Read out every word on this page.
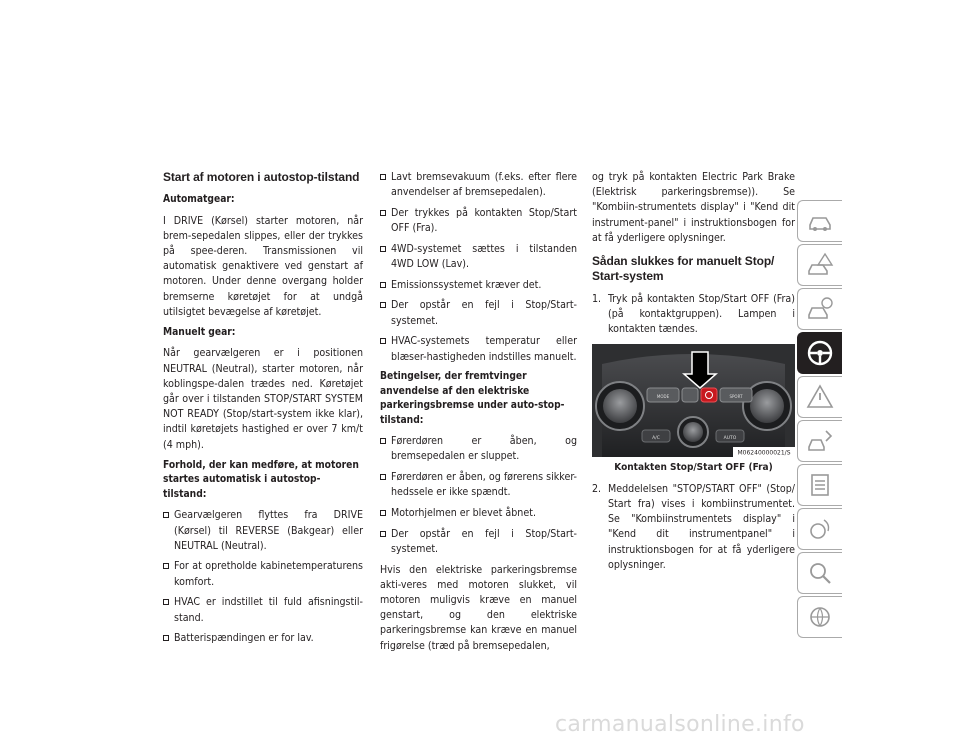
Start af motoren i autostop-tilstand
Automatgear:

I DRIVE (Kørsel) starter motoren, når brem-sepedalen slippes, eller der trykkes på spee-deren. Transmissionen vil automatisk genaktivere ved genstart af motoren. Under denne overgang holder bremserne køretøjet for at undgå utilsigtet bevægelse af køretøjet.

Manuelt gear:

Når gearvælgeren er i positionen NEUTRAL (Neutral), starter motoren, når koblingspe-dalen trædes ned. Køretøjet går over i tilstanden STOP/START SYSTEM NOT READY (Stop/start-system ikke klar), indtil køretøjets hastighed er over 7 km/t (4 mph).

Forhold, der kan medføre, at motoren startes automatisk i autostop-tilstand:
Gearvælgeren flyttes fra DRIVE (Kørsel) til REVERSE (Bakgear) eller NEUTRAL (Neutral).
For at opretholde kabinetemperaturens komfort.
HVAC er indstillet til fuld afisningstil-stand.
Batterispændingen er for lav.
Lavt bremsevakuum (f.eks. efter flere anvendelser af bremsepedalen).
Der trykkes på kontakten Stop/Start OFF (Fra).
4WD-systemet sættes i tilstanden 4WD LOW (Lav).
Emissionssystemet kræver det.
Der opstår en fejl i Stop/Start-systemet.
HVAC-systemets temperatur eller blæser-hastigheden indstilles manuelt.
Betingelser, der fremtvinger anvendelse af den elektriske parkeringsbremse under auto-stop-tilstand:
Førerdøren er åben, og bremsepedalen er sluppet.
Førerdøren er åben, og førerens sikker-hedssele er ikke spændt.
Motorhjelmen er blevet åbnet.
Der opstår en fejl i Stop/Start-systemet.

Hvis den elektriske parkeringsbremse akti-veres med motoren slukket, vil motoren muligvis kræve en manuel genstart, og den elektriske parkeringsbremse kan kræve en manuel frigørelse (træd på bremsepedalen,

og tryk på kontakten Electric Park Brake (Elektrisk parkeringsbremse)). Se "Kombiin-strumentets display" i "Kend dit instrument-panel" i instruktionsbogen for at få yderligere oplysninger.

Sådan slukkes for manuelt Stop/ Start-system
1. Tryk på kontakten Stop/Start OFF (Fra) (på kontaktgruppen). Lampen i kontakten tændes.
MODE	SPORT
A/C	AUTO
M06240000021/S
Kontakten Stop/Start OFF (Fra)
2. Meddelelsen "STOP/START OFF" (Stop/ Start fra) vises i kombiinstrumentet. Se "Kombiinstrumentets display" i "Kend dit instrumentpanel" i instruktionsbogen for at få yderligere oplysninger.
carmanualsonline.info
